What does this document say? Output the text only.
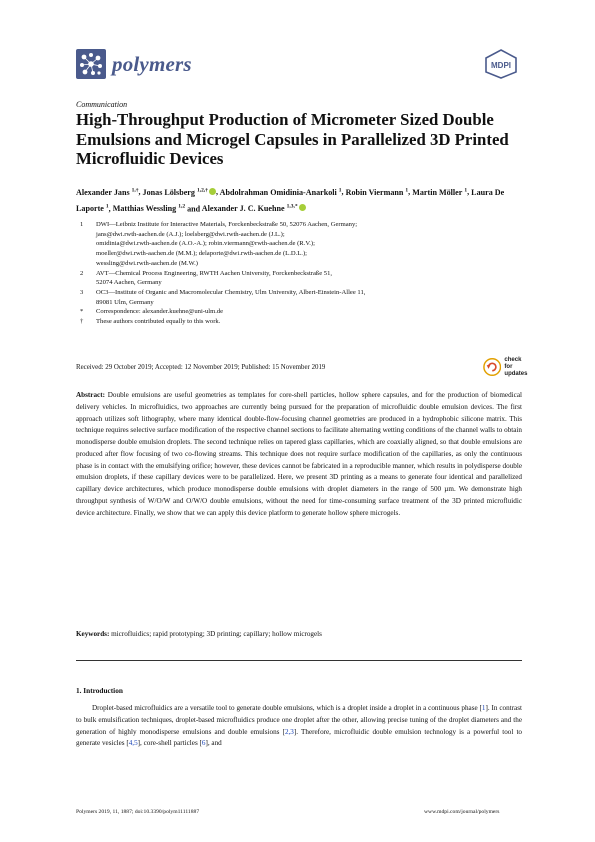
polymers	MDPI
Communication
High-Throughput Production of Micrometer Sized Double Emulsions and Microgel Capsules in Parallelized 3D Printed Microfluidic Devices
Alexander Jans $^{1,\dagger}$, Jonas Lölsberg $^{1,2,\dagger}$ , Abdolrahman Omidinia-Anarkoli $^1$, Robin Viermann $^1$, Martin Möller $^1$, Laura De Laporte $^1$, Matthias Wessling $^{1,2}$ and Alexander J. C. Kuehne $^{1,3,*}$
1 DWI—Leibniz Institute for Interactive Materials, Forckenbeckstraße 50, 52076 Aachen, Germany;
jans@dwi.rwth-aachen.de (A.J.); loelsberg@dwi.rwth-aachen.de (J.L.);
omidinia@dwi.rwth-aachen.de (A.O.-A.); robin.viermann@rwth-aachen.de (R.V.);
moeller@dwi.rwth-aachen.de (M.M.); delaporte@dwi.rwth-aachen.de (L.D.L.);
wessling@dwi.rwth-aachen.de (M.W.)
2 AVT—Chemical Process Engineering, RWTH Aachen University, Forckenbeckstraße 51,
52074 Aachen, Germany
3 OC3—Institute of Organic and Macromolecular Chemistry, Ulm University, Albert-Einstein-Allee 11,
89081 Ulm, Germany
* Correspondence: alexander.kuehne@uni-ulm.de
† These authors contributed equally to this work.
Received: 29 October 2019; Accepted: 12 November 2019; Published: 15 November 2019
check for
updates
Abstract: Double emulsions are useful geometries as templates for core-shell particles, hollow sphere capsules, and for the production of biomedical delivery vehicles. In microfluidics, two approaches are currently being pursued for the preparation of microfluidic double emulsion devices. The first approach utilizes soft lithography, where many identical double-flow-focusing channel geometries are produced in a hydrophobic silicone matrix. This technique requires selective surface modification of the respective channel sections to facilitate alternating wetting conditions of the channel walls to obtain monodisperse double emulsion droplets. The second technique relies on tapered glass capillaries, which are coaxially aligned, so that double emulsions are produced after flow focusing of two co-flowing streams. This technique does not require surface modification of the capillaries, as only the continuous phase is in contact with the emulsifying orifice; however, these devices cannot be fabricated in a reproducible manner, which results in polydisperse double emulsion droplets, if these capillary devices were to be parallelized. Here, we present 3D printing as a means to generate four identical and parallelized capillary device architectures, which produce monodisperse double emulsions with droplet diameters in the range of 500 µm. We demonstrate high throughput synthesis of W/O/W and O/W/O double emulsions, without the need for time-consuming surface treatment of the 3D printed microfluidic device architecture. Finally, we show that we can apply this device platform to generate hollow sphere microgels.
Keywords: microfluidics; rapid prototyping; 3D printing; capillary; hollow microgels
1. Introduction
Droplet-based microfluidics are a versatile tool to generate double emulsions, which is a droplet inside a droplet in a continuous phase [1]. In contrast to bulk emulsification techniques, droplet-based microfluidics produce one droplet after the other, allowing precise tuning of the droplet diameters and the generation of highly monodisperse emulsions and double emulsions [2,3]. Therefore, microfluidic double emulsion technology is a powerful tool to generate vesicles [4,5], core-shell particles [6], and
Polymers 2019, 11, 1887; doi:10.3390/polym11111887	www.mdpi.com/journal/polymers
